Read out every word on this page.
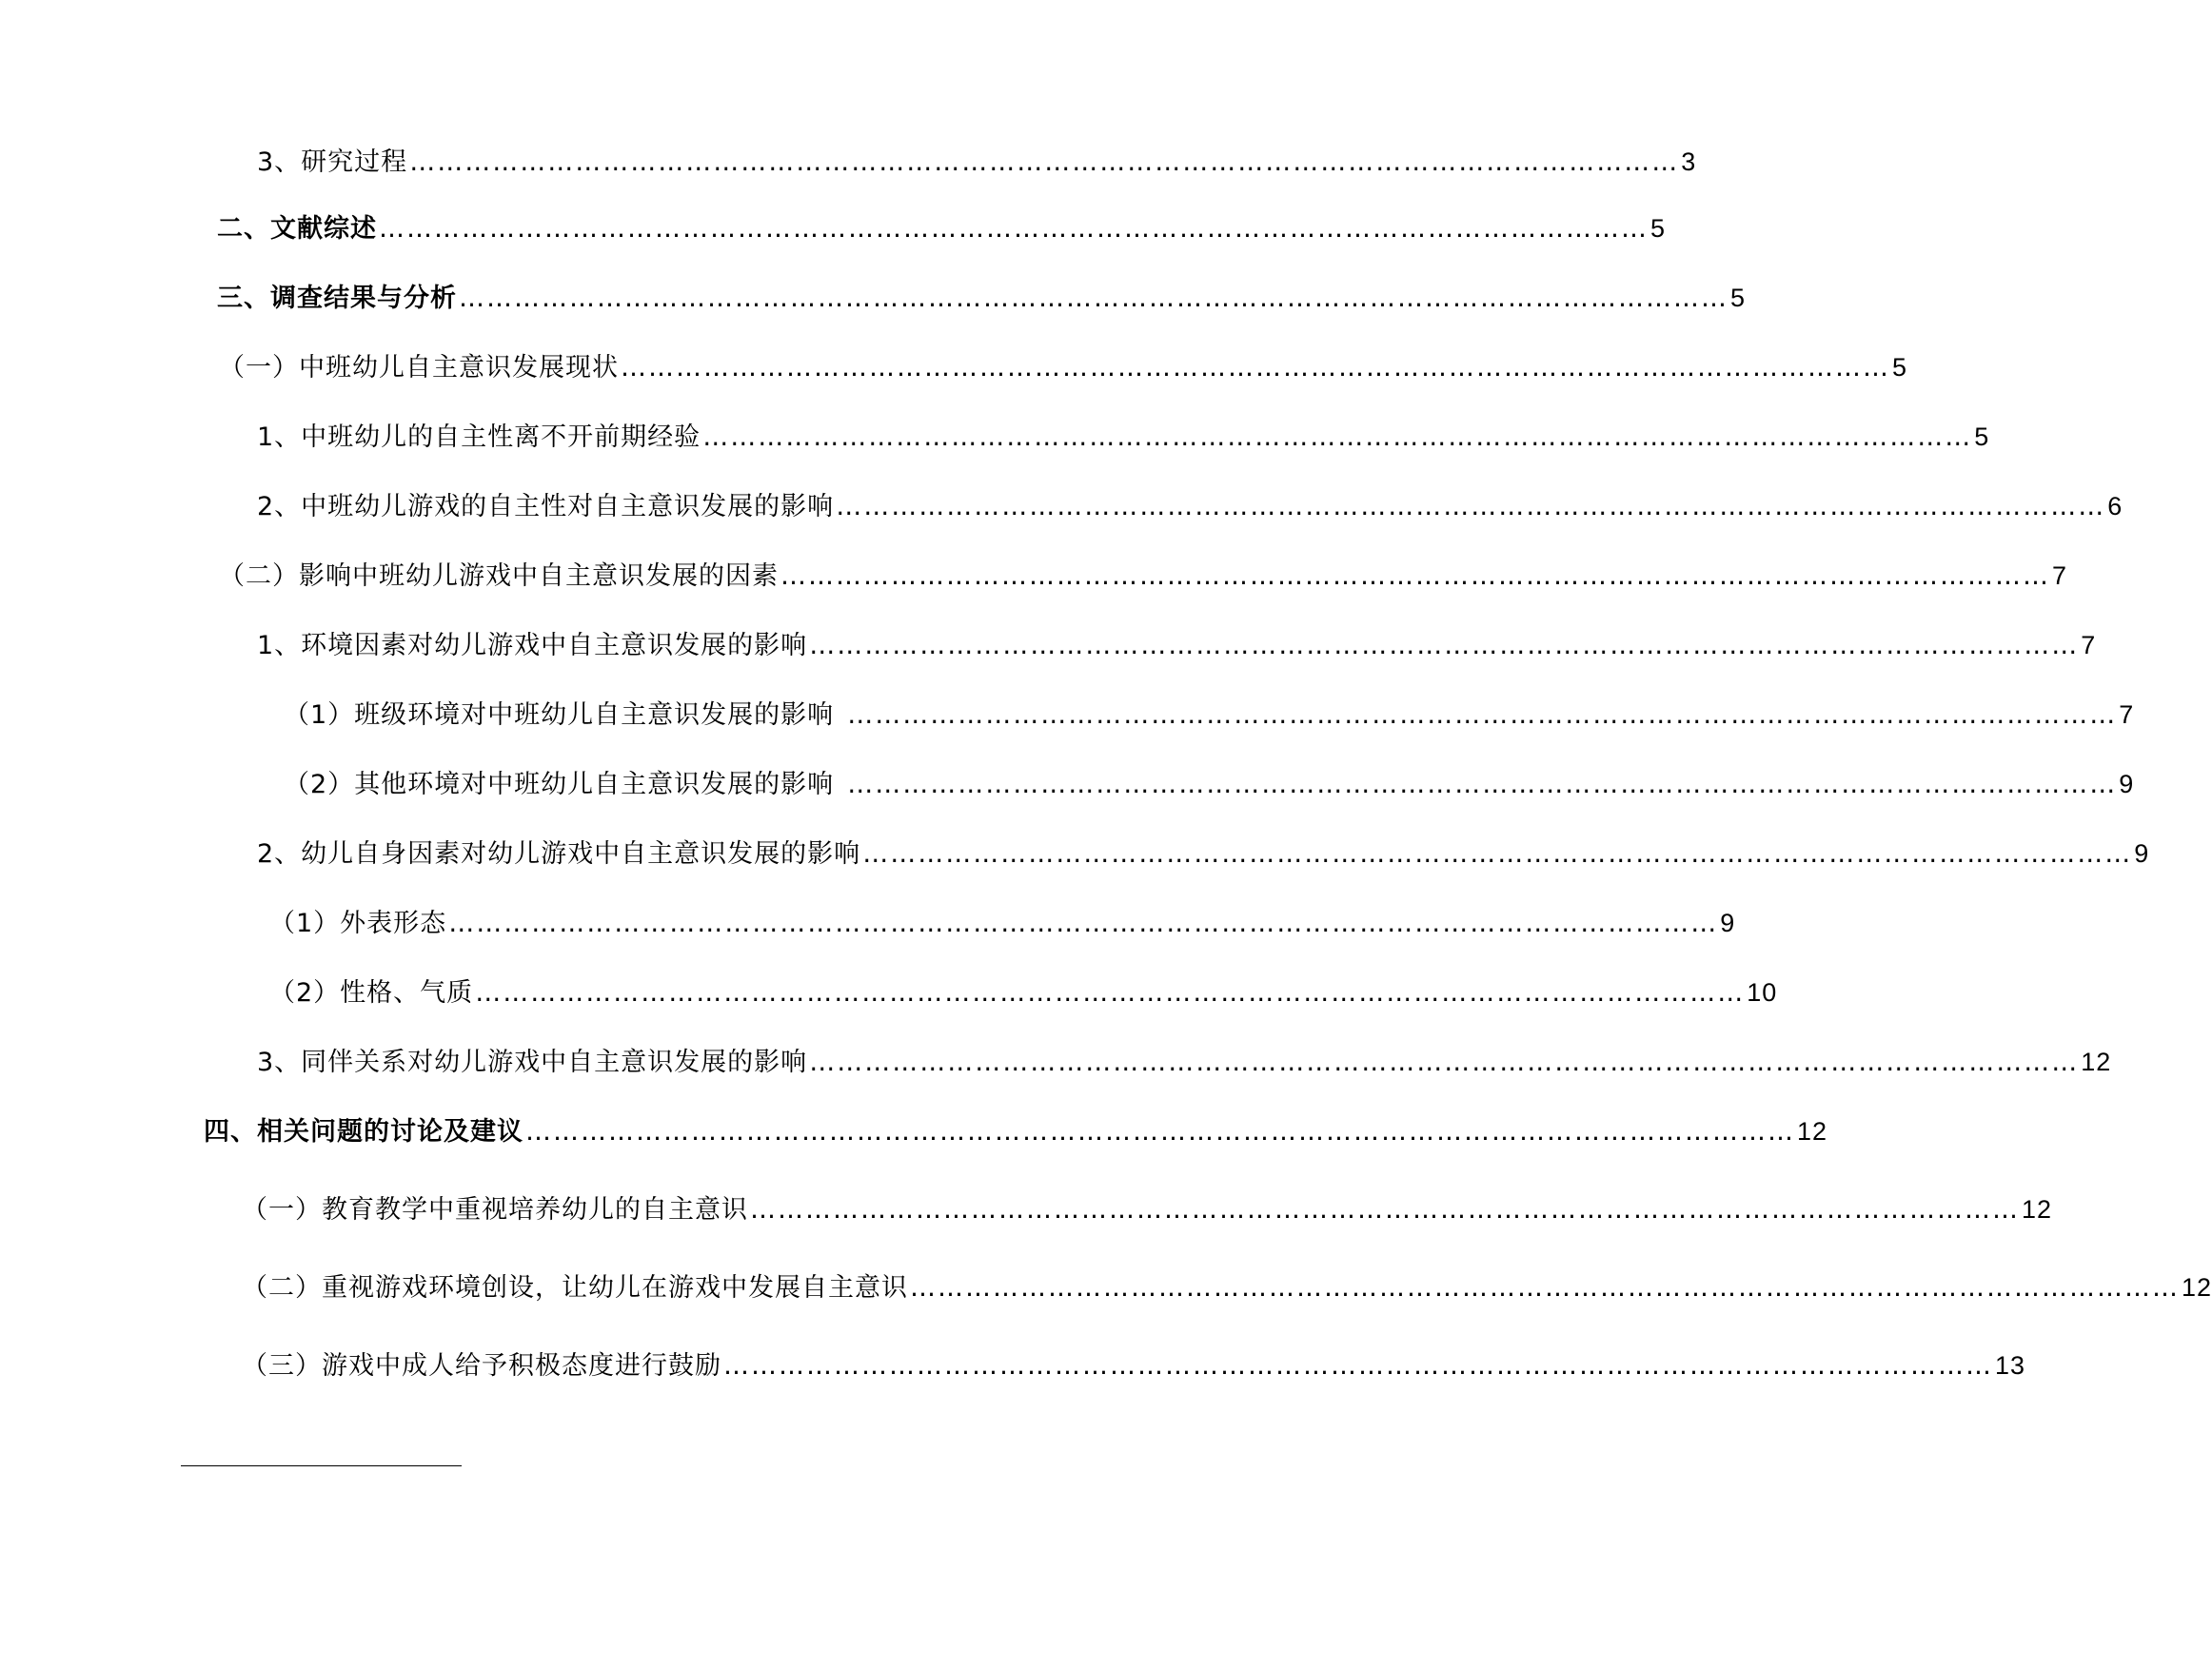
3、研究过程 ………………………………………………………………………………………………………………………… 3
二、文献综述 ………………………………………………………………………………………………………………………… 5
三、调查结果与分析 ………………………………………………………………………………………………………………………… 5
（一）中班幼儿自主意识发展现状 ………………………………………………………………………………………………………………………… 5
1、中班幼儿的自主性离不开前期经验 ………………………………………………………………………………………………………………………… 5
2、中班幼儿游戏的自主性对自主意识发展的影响 ………………………………………………………………………………………………………………………… 6
（二）影响中班幼儿游戏中自主意识发展的因素 ………………………………………………………………………………………………………………………… 7
1、环境因素对幼儿游戏中自主意识发展的影响 ………………………………………………………………………………………………………………………… 7
（1）班级环境对中班幼儿自主意识发展的影响 ………………………………………………………………………………………………………………………… 7
（2）其他环境对中班幼儿自主意识发展的影响 ………………………………………………………………………………………………………………………… 9
2、幼儿自身因素对幼儿游戏中自主意识发展的影响 ………………………………………………………………………………………………………………………… 9
（1）外表形态 ………………………………………………………………………………………………………………………… 9
（2）性格、气质 ………………………………………………………………………………………………………………………… 10
3、同伴关系对幼儿游戏中自主意识发展的影响 ………………………………………………………………………………………………………………………… 12
四、相关问题的讨论及建议 ………………………………………………………………………………………………………………………… 12
（一）教育教学中重视培养幼儿的自主意识 ………………………………………………………………………………………………………………………… 12
（二）重视游戏环境创设，让幼儿在游戏中发展自主意识 ………………………………………………………………………………………………………………………… 12
（三）游戏中成人给予积极态度进行鼓励 ………………………………………………………………………………………………………………………… 13
